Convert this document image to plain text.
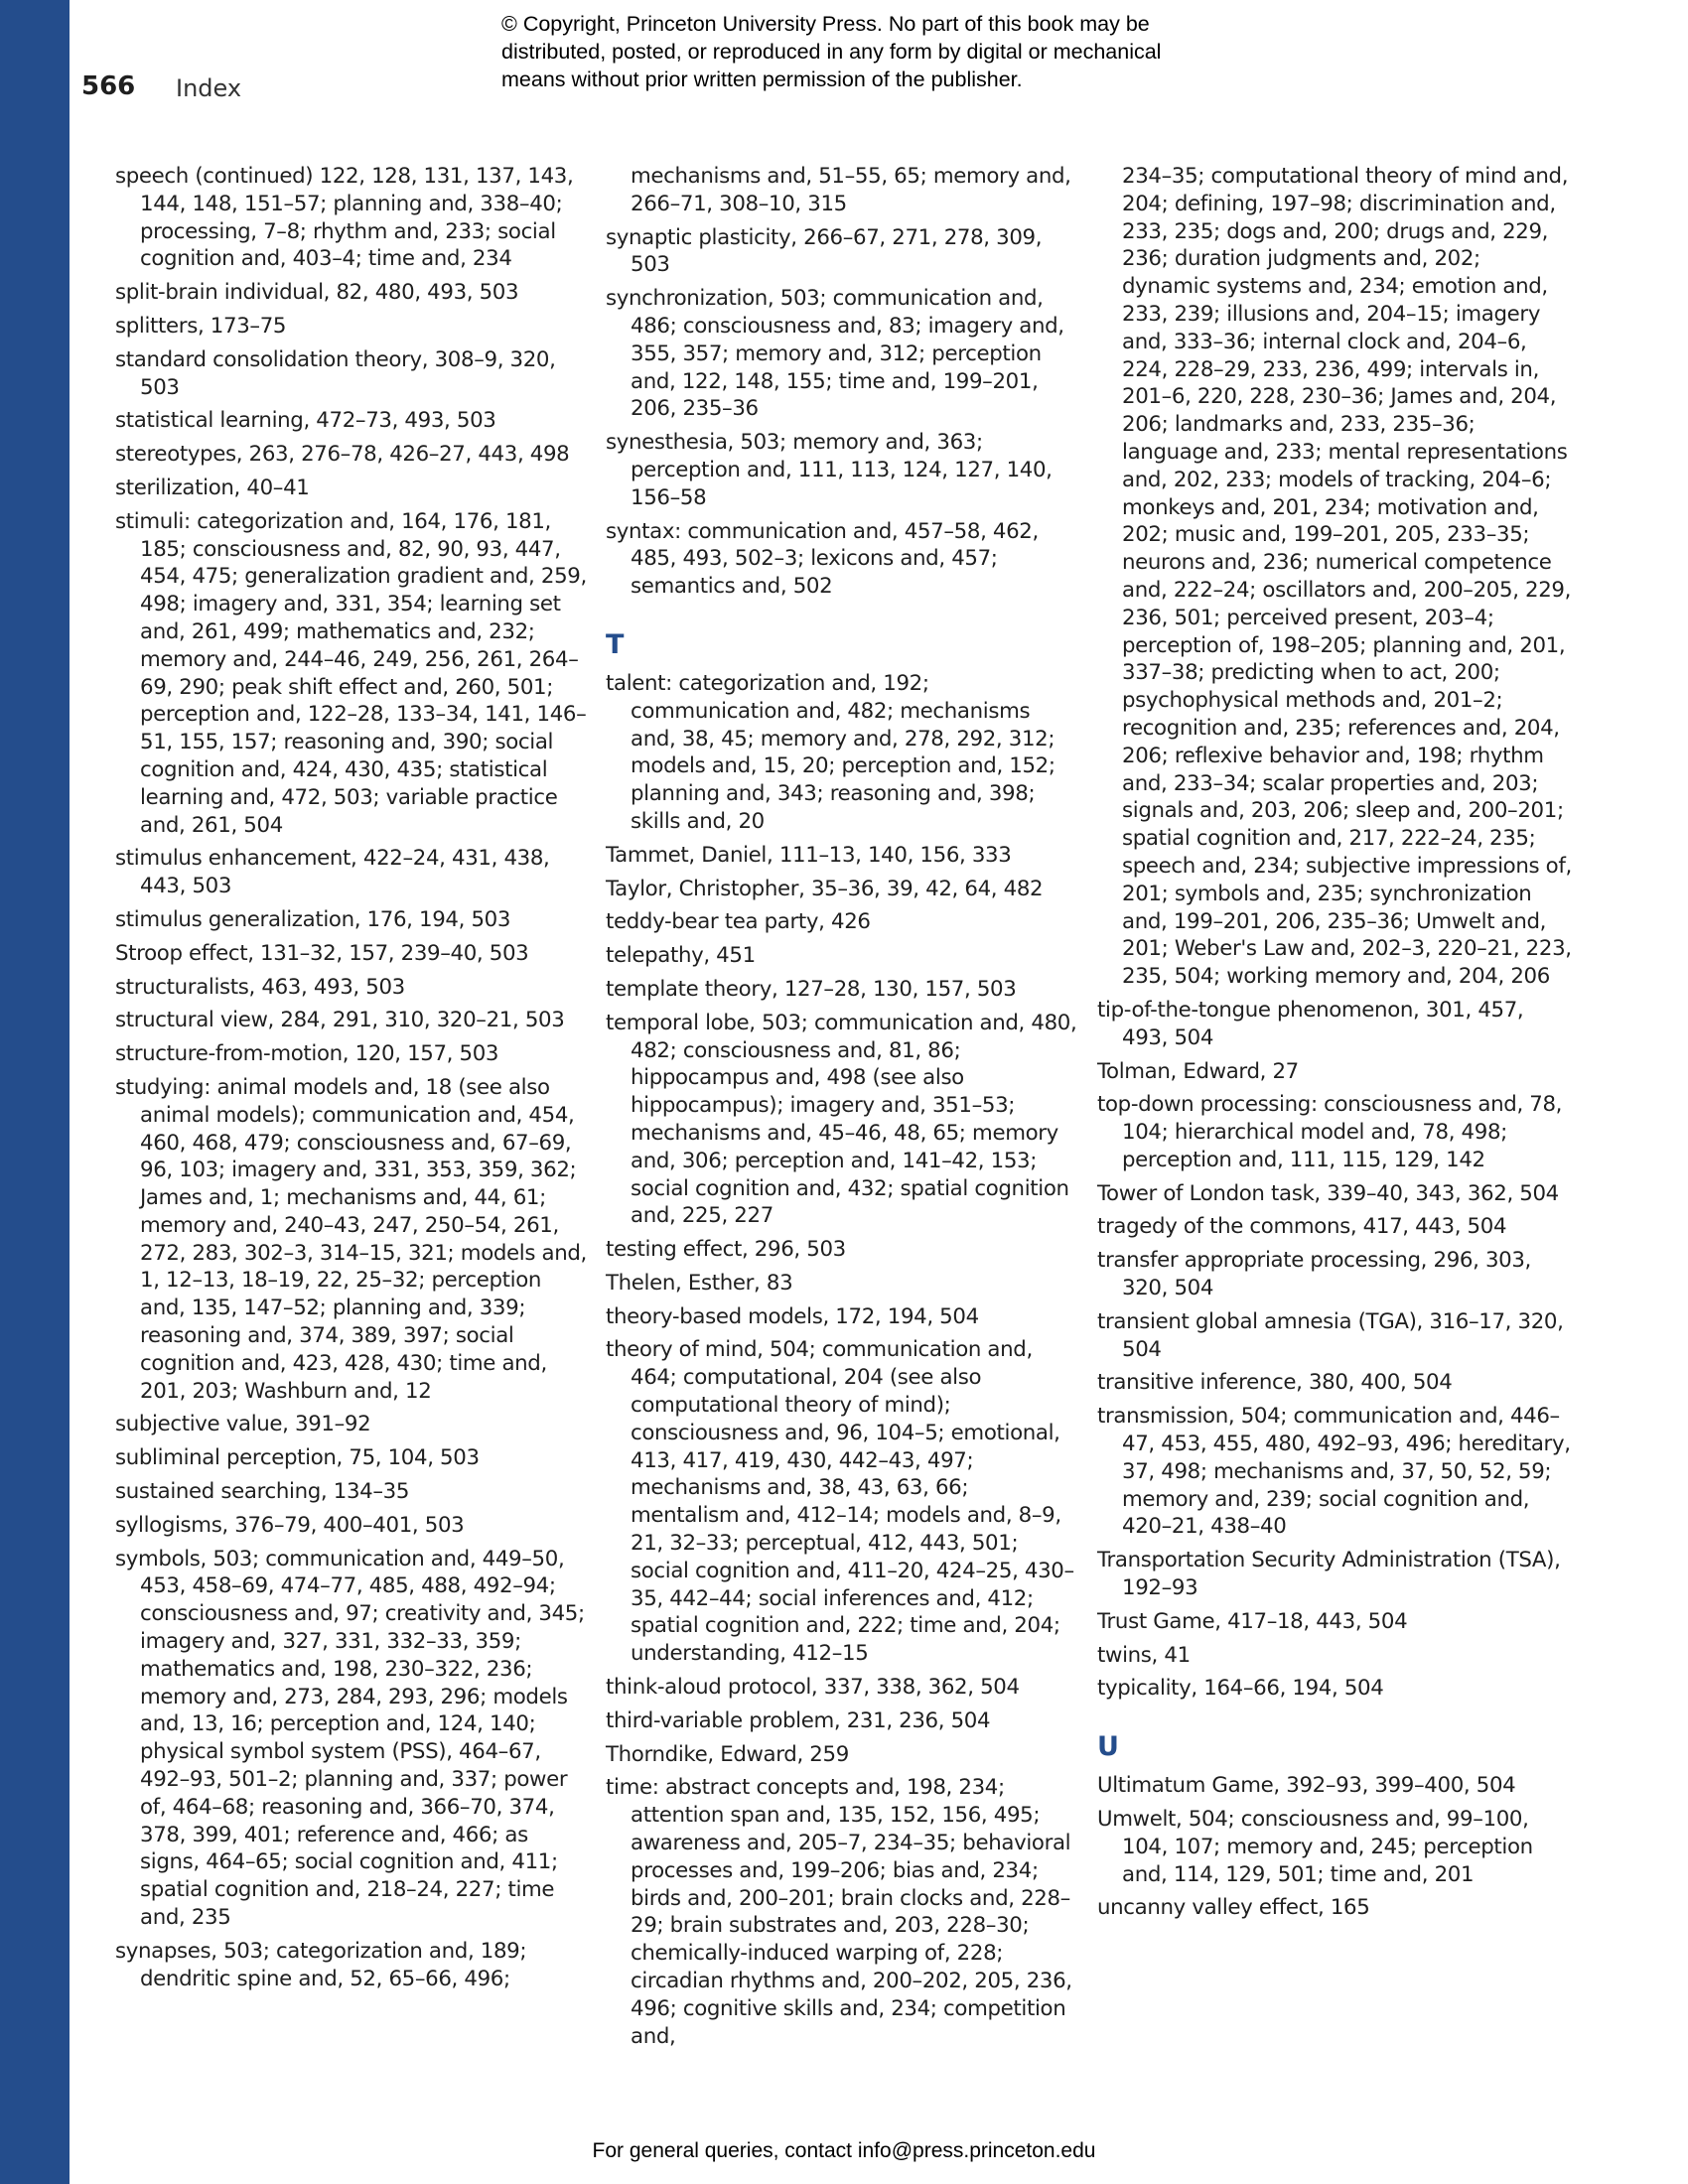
© Copyright, Princeton University Press. No part of this book may be
distributed, posted, or reproduced in any form by digital or mechanical
means without prior written permission of the publisher.
566 Index
speech (continued) 122, 128, 131, 137, 143, 144, 148, 151–57; planning and, 338–40; processing, 7–8; rhythm and, 233; social cognition and, 403–4; time and, 234
split-brain individual, 82, 480, 493, 503
splitters, 173–75
standard consolidation theory, 308–9, 320, 503
statistical learning, 472–73, 493, 503
stereotypes, 263, 276–78, 426–27, 443, 498
sterilization, 40–41
stimuli: categorization and, 164, 176, 181, 185; consciousness and, 82, 90, 93, 447, 454, 475; generalization gradient and, 259, 498; imagery and, 331, 354; learning set and, 261, 499; mathematics and, 232; memory and, 244–46, 249, 256, 261, 264–69, 290; peak shift effect and, 260, 501; perception and, 122–28, 133–34, 141, 146–51, 155, 157; reasoning and, 390; social cognition and, 424, 430, 435; statistical learning and, 472, 503; variable practice and, 261, 504
stimulus enhancement, 422–24, 431, 438, 443, 503
stimulus generalization, 176, 194, 503
Stroop effect, 131–32, 157, 239–40, 503
structuralists, 463, 493, 503
structural view, 284, 291, 310, 320–21, 503
structure-from-motion, 120, 157, 503
studying: animal models and, 18 (see also animal models); communication and, 454, 460, 468, 479; consciousness and, 67–69, 96, 103; imagery and, 331, 353, 359, 362; James and, 1; mechanisms and, 44, 61; memory and, 240–43, 247, 250–54, 261, 272, 283, 302–3, 314–15, 321; models and, 1, 12–13, 18–19, 22, 25–32; perception and, 135, 147–52; planning and, 339; reasoning and, 374, 389, 397; social cognition and, 423, 428, 430; time and, 201, 203; Washburn and, 12
subjective value, 391–92
subliminal perception, 75, 104, 503
sustained searching, 134–35
syllogisms, 376–79, 400–401, 503
symbols, 503; communication and, 449–50, 453, 458–69, 474–77, 485, 488, 492–94; consciousness and, 97; creativity and, 345; imagery and, 327, 331, 332–33, 359; mathematics and, 198, 230–322, 236; memory and, 273, 284, 293, 296; models and, 13, 16; perception and, 124, 140; physical symbol system (PSS), 464–67, 492–93, 501–2; planning and, 337; power of, 464–68; reasoning and, 366–70, 374, 378, 399, 401; reference and, 466; as signs, 464–65; social cognition and, 411; spatial cognition and, 218–24, 227; time and, 235
synapses, 503; categorization and, 189; dendritic spine and, 52, 65–66, 496;
mechanisms and, 51–55, 65; memory and, 266–71, 308–10, 315
synaptic plasticity, 266–67, 271, 278, 309, 503
synchronization, 503; communication and, 486; consciousness and, 83; imagery and, 355, 357; memory and, 312; perception and, 122, 148, 155; time and, 199–201, 206, 235–36
synesthesia, 503; memory and, 363; perception and, 111, 113, 124, 127, 140, 156–58
syntax: communication and, 457–58, 462, 485, 493, 502–3; lexicons and, 457; semantics and, 502
T
talent: categorization and, 192; communication and, 482; mechanisms and, 38, 45; memory and, 278, 292, 312; models and, 15, 20; perception and, 152; planning and, 343; reasoning and, 398; skills and, 20
Tammet, Daniel, 111–13, 140, 156, 333
Taylor, Christopher, 35–36, 39, 42, 64, 482
teddy-bear tea party, 426
telepathy, 451
template theory, 127–28, 130, 157, 503
temporal lobe, 503; communication and, 480, 482; consciousness and, 81, 86; hippocampus and, 498 (see also hippocampus); imagery and, 351–53; mechanisms and, 45–46, 48, 65; memory and, 306; perception and, 141–42, 153; social cognition and, 432; spatial cognition and, 225, 227
testing effect, 296, 503
Thelen, Esther, 83
theory-based models, 172, 194, 504
theory of mind, 504; communication and, 464; computational, 204 (see also computational theory of mind); consciousness and, 96, 104–5; emotional, 413, 417, 419, 430, 442–43, 497; mechanisms and, 38, 43, 63, 66; mentalism and, 412–14; models and, 8–9, 21, 32–33; perceptual, 412, 443, 501; social cognition and, 411–20, 424–25, 430–35, 442–44; social inferences and, 412; spatial cognition and, 222; time and, 204; understanding, 412–15
think-aloud protocol, 337, 338, 362, 504
third-variable problem, 231, 236, 504
Thorndike, Edward, 259
time: abstract concepts and, 198, 234; attention span and, 135, 152, 156, 495; awareness and, 205–7, 234–35; behavioral processes and, 199–206; bias and, 234; birds and, 200–201; brain clocks and, 228–29; brain substrates and, 203, 228–30; chemically-induced warping of, 228; circadian rhythms and, 200–202, 205, 236, 496; cognitive skills and, 234; competition and,
234–35; computational theory of mind and, 204; defining, 197–98; discrimination and, 233, 235; dogs and, 200; drugs and, 229, 236; duration judgments and, 202; dynamic systems and, 234; emotion and, 233, 239; illusions and, 204–15; imagery and, 333–36; internal clock and, 204–6, 224, 228–29, 233, 236, 499; intervals in, 201–6, 220, 228, 230–36; James and, 204, 206; landmarks and, 233, 235–36; language and, 233; mental representations and, 202, 233; models of tracking, 204–6; monkeys and, 201, 234; motivation and, 202; music and, 199–201, 205, 233–35; neurons and, 236; numerical competence and, 222–24; oscillators and, 200–205, 229, 236, 501; perceived present, 203–4; perception of, 198–205; planning and, 201, 337–38; predicting when to act, 200; psychophysical methods and, 201–2; recognition and, 235; references and, 204, 206; reflexive behavior and, 198; rhythm and, 233–34; scalar properties and, 203; signals and, 203, 206; sleep and, 200–201; spatial cognition and, 217, 222–24, 235; speech and, 234; subjective impressions of, 201; symbols and, 235; synchronization and, 199–201, 206, 235–36; Umwelt and, 201; Weber's Law and, 202–3, 220–21, 223, 235, 504; working memory and, 204, 206
tip-of-the-tongue phenomenon, 301, 457, 493, 504
Tolman, Edward, 27
top-down processing: consciousness and, 78, 104; hierarchical model and, 78, 498; perception and, 111, 115, 129, 142
Tower of London task, 339–40, 343, 362, 504
tragedy of the commons, 417, 443, 504
transfer appropriate processing, 296, 303, 320, 504
transient global amnesia (TGA), 316–17, 320, 504
transitive inference, 380, 400, 504
transmission, 504; communication and, 446–47, 453, 455, 480, 492–93, 496; hereditary, 37, 498; mechanisms and, 37, 50, 52, 59; memory and, 239; social cognition and, 420–21, 438–40
Transportation Security Administration (TSA), 192–93
Trust Game, 417–18, 443, 504
twins, 41
typicality, 164–66, 194, 504
U
Ultimatum Game, 392–93, 399–400, 504
Umwelt, 504; consciousness and, 99–100, 104, 107; memory and, 245; perception and, 114, 129, 501; time and, 201
uncanny valley effect, 165
For general queries, contact info@press.princeton.edu
